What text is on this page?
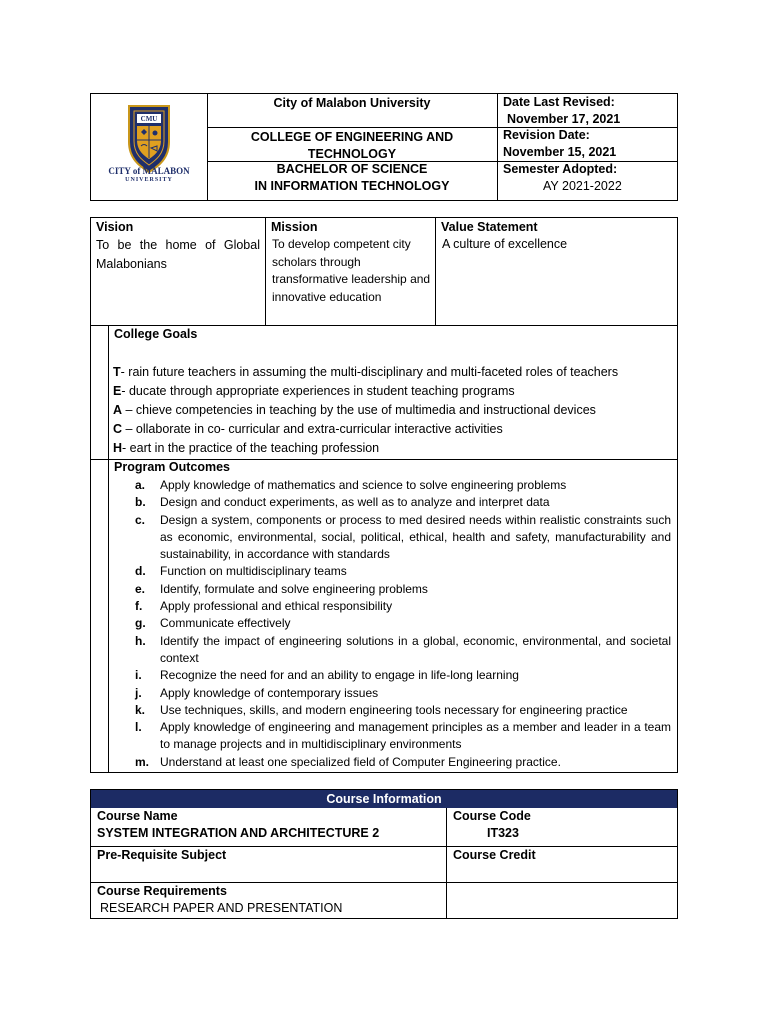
CMU
CITY of MALABON
UNIVERSITY
City of Malabon University
COLLEGE OF ENGINEERING AND TECHNOLOGY
BACHELOR OF SCIENCE
IN INFORMATION TECHNOLOGY
Date Last Revised:
November 17, 2021
Revision Date:
November 15, 2021
Semester Adopted:
AY 2021-2022
Vision
To be the home of Global Malabonians
Mission
To develop competent city scholars through transformative leadership and innovative education
Value Statement
A culture of excellence
College Goals
T- rain future teachers in assuming the multi-disciplinary and multi-faceted roles of teachers
E- ducate through appropriate experiences in student teaching programs
A – chieve competencies in teaching by the use of multimedia and instructional devices
C – ollaborate in co- curricular and extra-curricular interactive activities
H- eart in the practice of the teaching profession
Program Outcomes
a. Apply knowledge of mathematics and science to solve engineering problems
b. Design and conduct experiments, as well as to analyze and interpret data
c. Design a system, components or process to med desired needs within realistic constraints such as economic, environmental, social, political, ethical, health and safety, manufacturability and sustainability, in accordance with standards
d. Function on multidisciplinary teams
e. Identify, formulate and solve engineering problems
f. Apply professional and ethical responsibility
g. Communicate effectively
h. Identify the impact of engineering solutions in a global, economic, environmental, and societal context
i. Recognize the need for and an ability to engage in life-long learning
j. Apply knowledge of contemporary issues
k. Use techniques, skills, and modern engineering tools necessary for engineering practice
l. Apply knowledge of engineering and management principles as a member and leader in a team to manage projects and in multidisciplinary environments
m. Understand at least one specialized field of Computer Engineering practice.
Course Information
Course Name
SYSTEM INTEGRATION AND ARCHITECTURE 2
Course Code
IT323
Pre-Requisite Subject	Course Credit
Course Requirements
RESEARCH PAPER AND PRESENTATION
